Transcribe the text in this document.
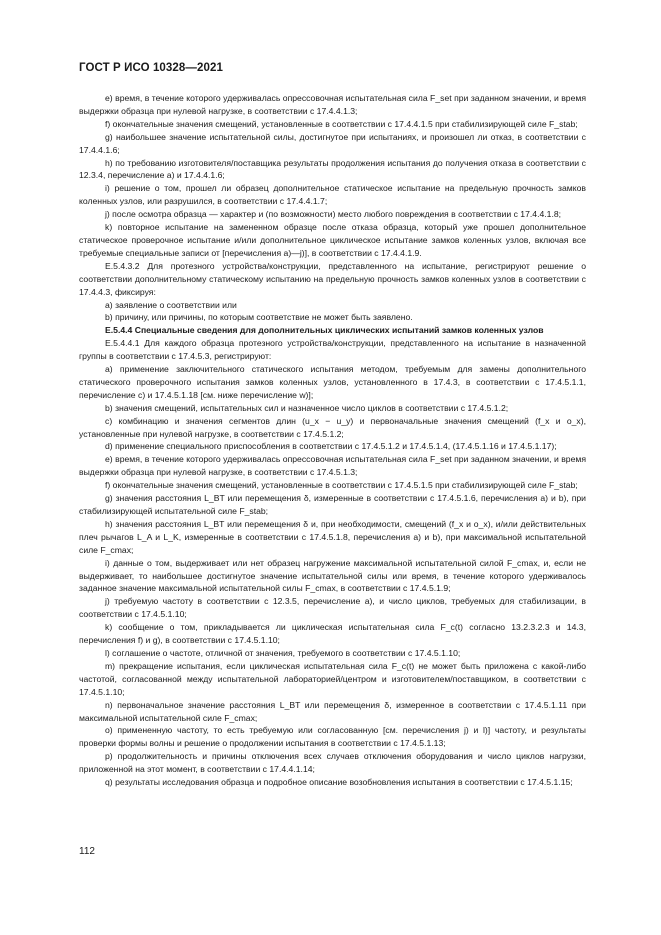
ГОСТ Р ИСО 10328—2021

e) время, в течение которого удерживалась опрессовочная испытательная сила F_set при заданном значении, и время выдержки образца при нулевой нагрузке, в соответствии с 17.4.4.1.3;

f) окончательные значения смещений, установленные в соответствии с 17.4.4.1.5 при стабилизирующей силе F_stab;

g) наибольшее значение испытательной силы, достигнутое при испытаниях, и произошел ли отказ, в соответствии с 17.4.4.1.6;

h) по требованию изготовителя/поставщика результаты продолжения испытания до получения отказа в соответствии с 12.3.4, перечисление a) и 17.4.4.1.6;

i) решение о том, прошел ли образец дополнительное статическое испытание на предельную прочность замков коленных узлов, или разрушился, в соответствии с 17.4.4.1.7;

j) после осмотра образца — характер и (по возможности) место любого повреждения в соответствии с 17.4.4.1.8;

k) повторное испытание на замененном образце после отказа образца, который уже прошел дополнительное статическое проверочное испытание и/или дополнительное циклическое испытание замков коленных узлов, включая все требуемые специальные записи от [перечисления a)—j)], в соответствии с 17.4.4.1.9.

E.5.4.3.2 Для протезного устройства/конструкции, представленного на испытание, регистрируют решение о соответствии дополнительному статическому испытанию на предельную прочность замков коленных узлов в соответствии с 17.4.4.3, фиксируя:

a) заявление о соответствии или

b) причину, или причины, по которым соответствие не может быть заявлено.

E.5.4.4 Специальные сведения для дополнительных циклических испытаний замков коленных узлов

E.5.4.4.1 Для каждого образца протезного устройства/конструкции, представленного на испытание в назначенной группы в соответствии с 17.4.5.3, регистрируют:

a) применение заключительного статического испытания методом, требуемым для замены дополнительного статического проверочного испытания замков коленных узлов, установленного в 17.4.3, в соответствии с 17.4.5.1.1, перечисление c) и 17.4.5.1.18 [см. ниже перечисление w)];

b) значения смещений, испытательных сил и назначенное число циклов в соответствии с 17.4.5.1.2;

c) комбинацию и значения сегментов длин (u_x − u_y) и первоначальные значения смещений (f_x и o_x), установленные при нулевой нагрузке, в соответствии с 17.4.5.1.2;

d) применение специального приспособления в соответствии с 17.4.5.1.2 и 17.4.5.1.4, (17.4.5.1.16 и 17.4.5.1.17);

e) время, в течение которого удерживалась опрессовочная испытательная сила F_set при заданном значении, и время выдержки образца при нулевой нагрузке, в соответствии с 17.4.5.1.3;

f) окончательные значения смещений, установленные в соответствии с 17.4.5.1.5 при стабилизирующей силе F_stab;

g) значения расстояния L_BT или перемещения δ, измеренные в соответствии с 17.4.5.1.6, перечисления a) и b), при стабилизирующей испытательной силе F_stab;

h) значения расстояния L_BT или перемещения δ и, при необходимости, смещений (f_x и o_x), и/или действительных плеч рычагов L_A и L_K, измеренные в соответствии с 17.4.5.1.8, перечисления a) и b), при максимальной испытательной силе F_cmax;

i) данные о том, выдерживает или нет образец нагружение максимальной испытательной силой F_cmax, и, если не выдерживает, то наибольшее достигнутое значение испытательной силы или время, в течение которого удерживалось заданное значение максимальной испытательной силы F_cmax, в соответствии с 17.4.5.1.9;

j) требуемую частоту в соответствии с 12.3.5, перечисление a), и число циклов, требуемых для стабилизации, в соответствии с 17.4.5.1.10;

k) сообщение о том, прикладывается ли циклическая испытательная сила F_c(t) согласно 13.2.3.2.3 и 14.3, перечисления f) и g), в соответствии с 17.4.5.1.10;

l) соглашение о частоте, отличной от значения, требуемого в соответствии с 17.4.5.1.10;

m) прекращение испытания, если циклическая испытательная сила F_c(t) не может быть приложена с какой-либо частотой, согласованной между испытательной лабораторией/центром и изготовителем/поставщиком, в соответствии с 17.4.5.1.10;

n) первоначальное значение расстояния L_BT или перемещения δ, измеренное в соответствии с 17.4.5.1.11 при максимальной испытательной силе F_cmax;

o) примененную частоту, то есть требуемую или согласованную [см. перечисления j) и l)] частоту, и результаты проверки формы волны и решение о продолжении испытания в соответствии с 17.4.5.1.13;

p) продолжительность и причины отключения всех случаев отключения оборудования и число циклов нагрузки, приложенной на этот момент, в соответствии с 17.4.4.1.14;

q) результаты исследования образца и подробное описание возобновления испытания в соответствии с 17.4.5.1.15;

112
